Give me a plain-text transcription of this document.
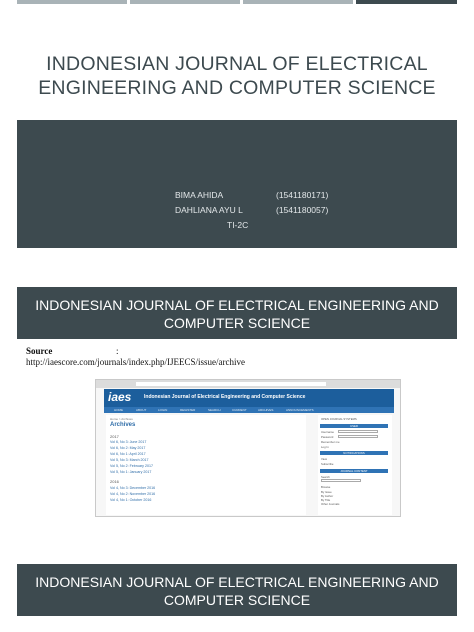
INDONESIAN JOURNAL OF ELECTRICAL
ENGINEERING AND COMPUTER SCIENCE
BIMA AHIDA	(1541180171)
DAHLIANA AYU L	(1541180057)
TI-2C
INDONESIAN JOURNAL OF ELECTRICAL ENGINEERING AND
COMPUTER SCIENCE
Source	:
http://iaescore.com/journals/index.php/IJEECS/issue/archive
iaes	Indonesian Journal of Electrical Engineering and Computer Science
HOME	ABOUT	LOGIN	REGISTER	SEARCH	CURRENT	ARCHIVES	ANNOUNCEMENTS
Home > Archives
Archives
2017
Vol 6, No 3: June 2017
Vol 6, No 2: May 2017
Vol 6, No 1: April 2017
Vol 5, No 3: March 2017
Vol 5, No 2: February 2017
Vol 5, No 1: January 2017
2016
Vol 4, No 3: December 2016
Vol 4, No 2: November 2016
Vol 4, No 1: October 2016
OPEN JOURNAL SYSTEMS
USER
Username
Password
Remember me
Log In
NOTIFICATIONS
View
Subscribe
JOURNAL CONTENT
Search
Browse
By Issue
By Author
By Title
Other Journals
INDONESIAN JOURNAL OF ELECTRICAL ENGINEERING AND
COMPUTER SCIENCE
